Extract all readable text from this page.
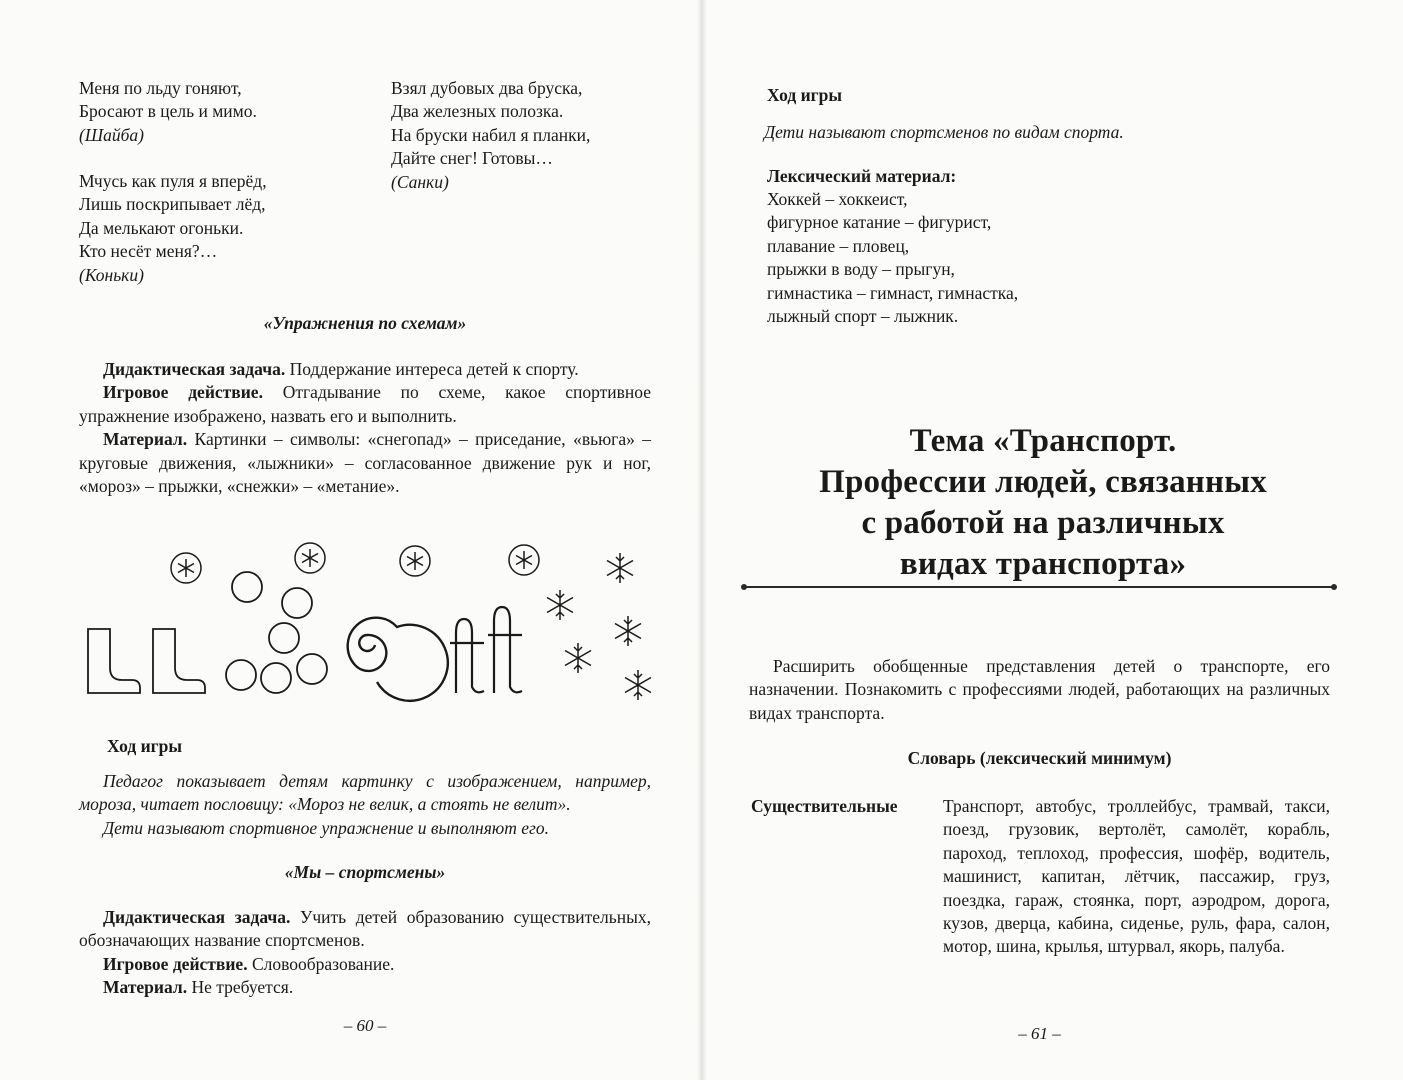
Меня по льду гоняют,
Бросают в цель и мимо.
(Шайба)
Мчусь как пуля я вперёд,
Лишь поскрипывает лёд,
Да мелькают огоньки.
Кто несёт меня?…
(Коньки)
Взял дубовых два бруска,
Два железных полозка.
На бруски набил я планки,
Дайте снег! Готовы…
(Санки)
«Упражнения по схемам»

Дидактическая задача. Поддержание интереса детей к спорту.

Игровое действие. Отгадывание по схеме, какое спортивное упражнение изображено, назвать его и выполнить.

Материал. Картинки – символы: «снегопад» – приседание, «вьюга» – круговые движения, «лыжники» – согласованное движение рук и ног, «мороз» – прыжки, «снежки» – «метание».

Ход игры

Педагог показывает детям картинку с изображением, например, мороза, читает пословицу: «Мороз не велик, а стоять не велит».

Дети называют спортивное упражнение и выполняют его.

«Мы – спортсмены»

Дидактическая задача. Учить детей образованию существительных, обозначающих название спортсменов.

Игровое действие. Словообразование.

Материал. Не требуется.

– 60 –
Ход игры
Дети называют спортсменов по видам спорта.
Лексический материал:
Хоккей – хоккеист,
фигурное катание – фигурист,
плавание – пловец,
прыжки в воду – прыгун,
гимнастика – гимнаст, гимнастка,
лыжный спорт – лыжник.
Тема «Транспорт.
Профессии людей, связанных
с работой на различных
видах транспорта»

Расширить обобщенные представления детей о транспорте, его назначении. Познакомить с профессиями людей, работающих на различных видах транспорта.

Словарь (лексический минимум)
Существительные	Транспорт, автобус, троллейбус, трамвай, такси, поезд, грузовик, вертолёт, самолёт, корабль, пароход, теплоход, профессия, шофёр, водитель, машинист, капитан, лётчик, пассажир, груз, поездка, гараж, стоянка, порт, аэродром, дорога, кузов, дверца, кабина, сиденье, руль, фара, салон, мотор, шина, крылья, штурвал, якорь, палуба.
– 61 –
